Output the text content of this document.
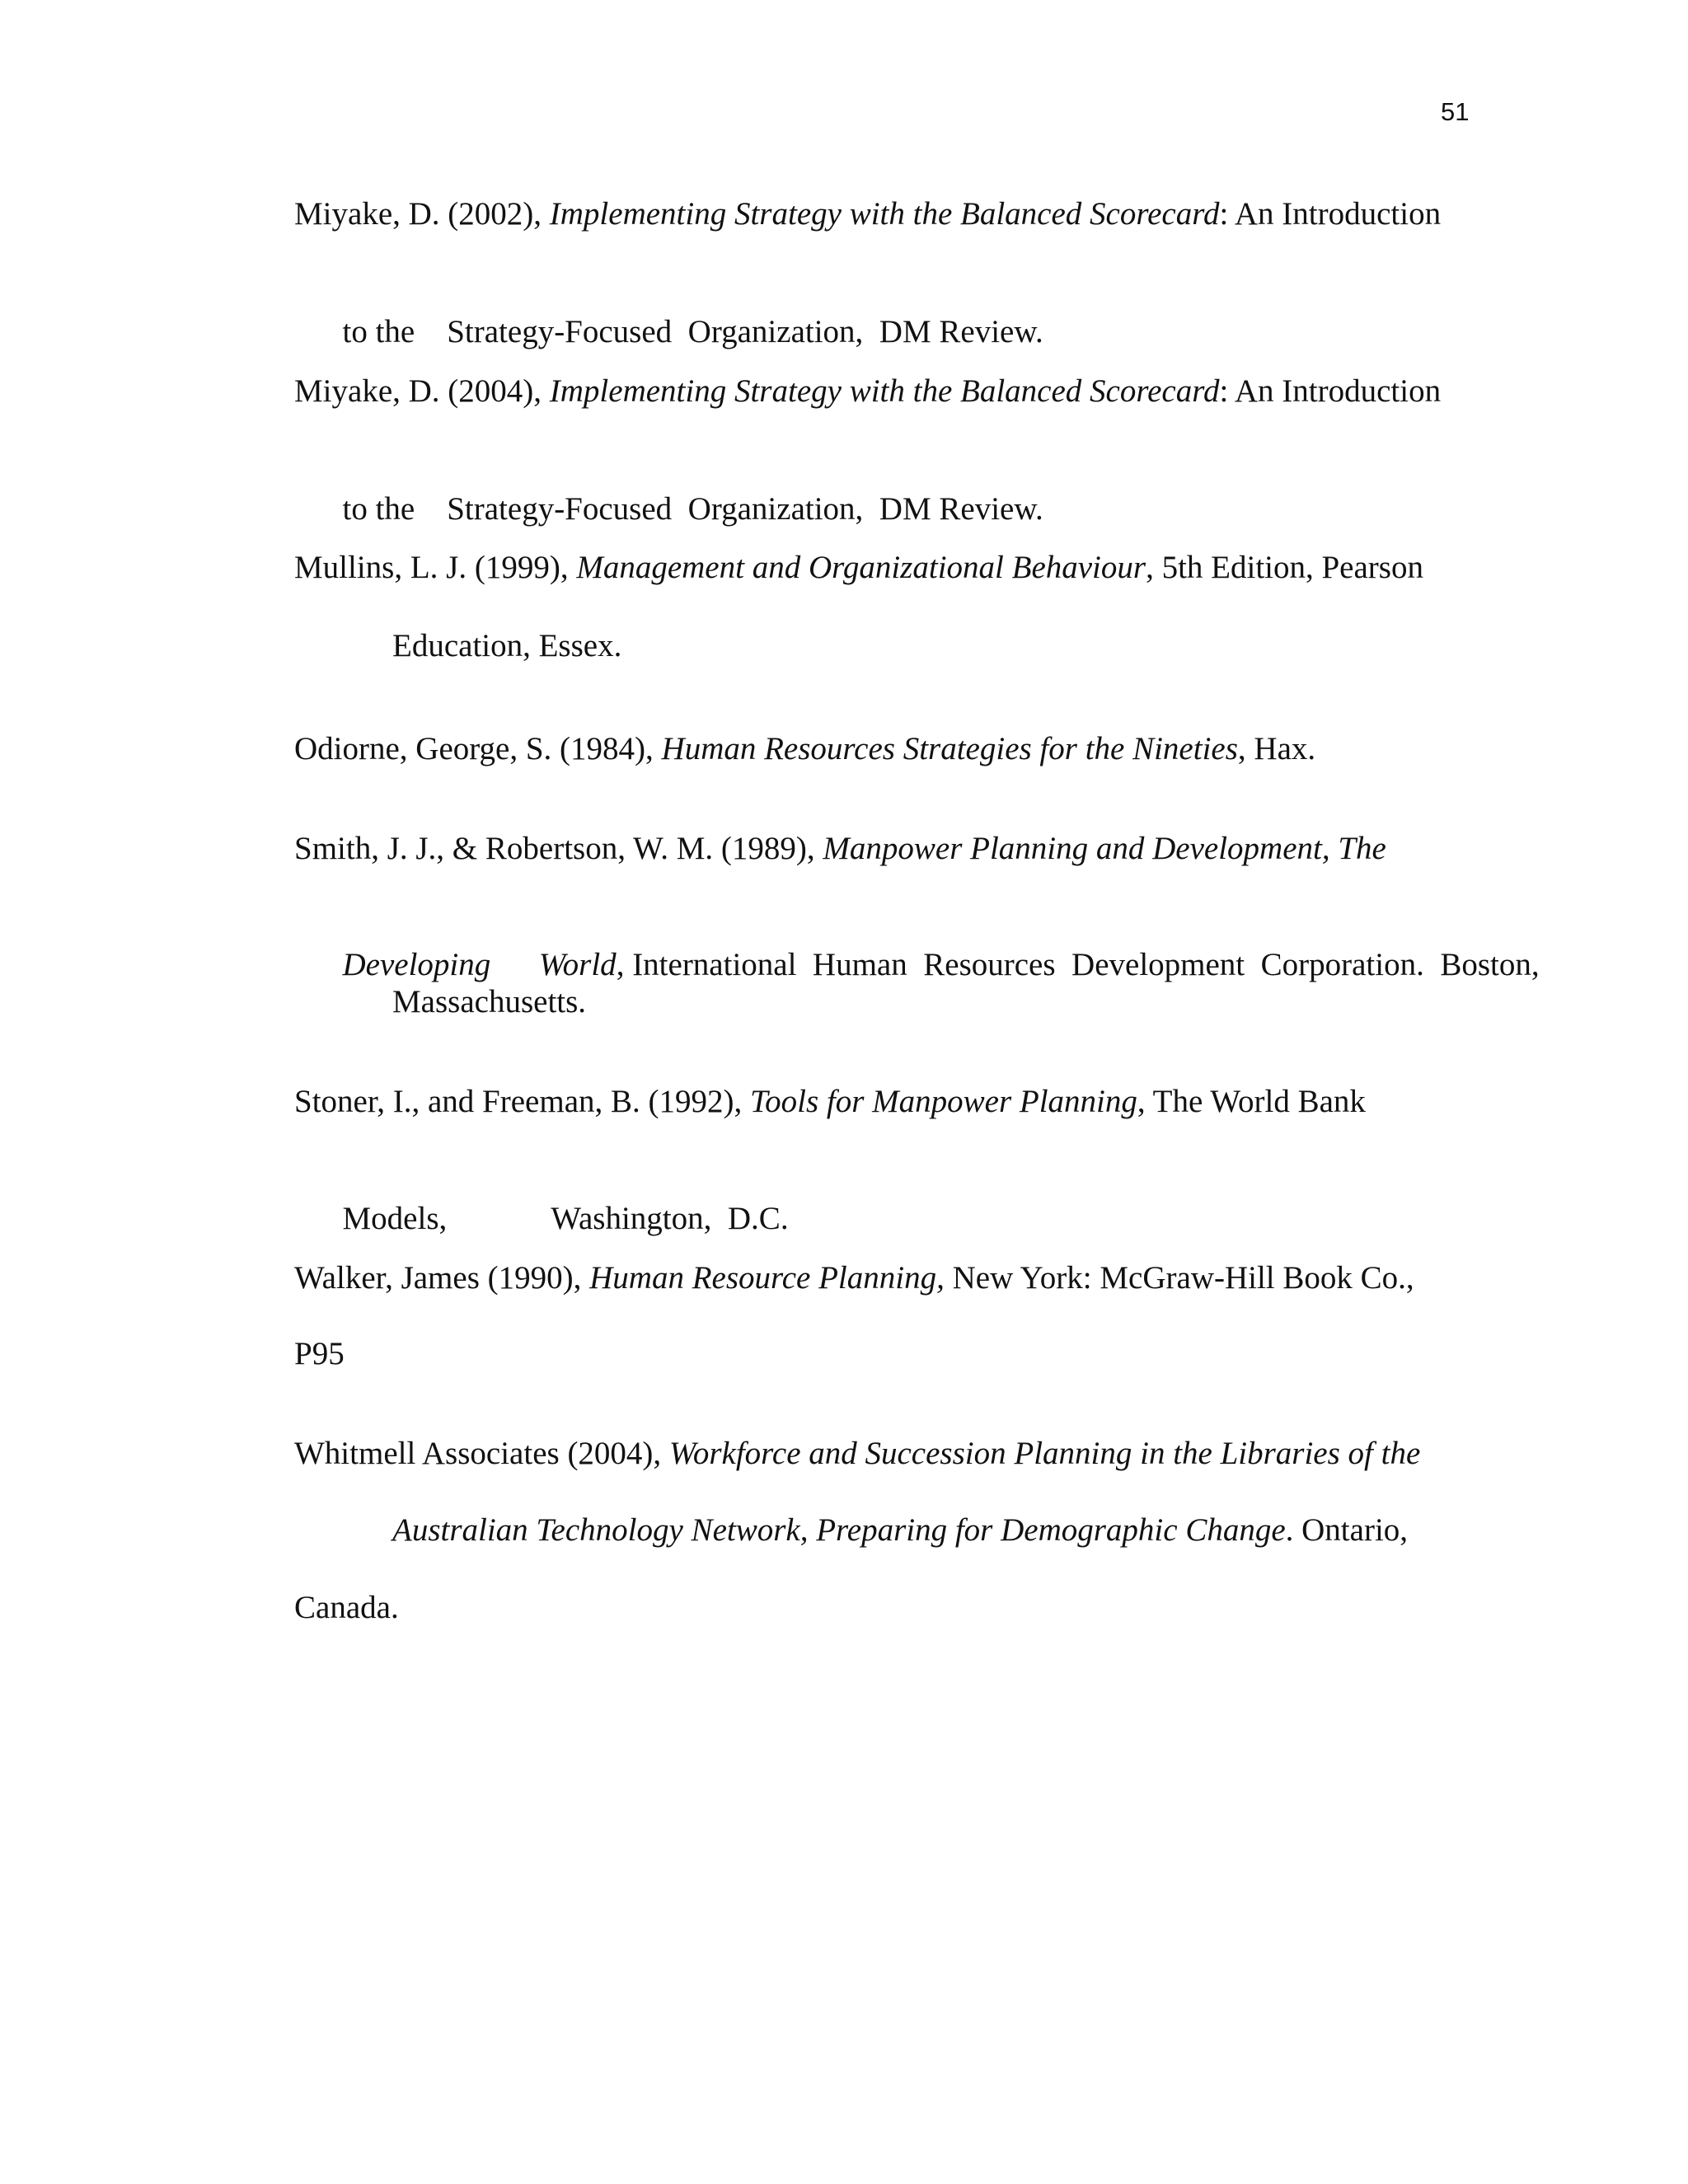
51
Miyake, D. (2002), Implementing Strategy with the Balanced Scorecard: An Introduction

to the    Strategy-Focused  Organization,  DM Review.

Miyake, D. (2004), Implementing Strategy with the Balanced Scorecard: An Introduction

to the    Strategy-Focused  Organization,  DM Review.

Mullins, L. J. (1999), Management and Organizational Behaviour, 5th Edition, Pearson
Education, Essex.
Odiorne, George, S. (1984), Human Resources Strategies for the Nineties, Hax.
Smith, J. J., & Robertson, W. M. (1989), Manpower Planning and Development, The

Developing      World, International  Human  Resources  Development  Corporation.  Boston,

Massachusetts.
Stoner, I., and Freeman, B. (1992), Tools for Manpower Planning, The World Bank

Models,             Washington,  D.C.

Walker, James (1990), Human Resource Planning, New York: McGraw-Hill Book Co.,
P95
Whitmell Associates (2004), Workforce and Succession Planning in the Libraries of the
Australian Technology Network, Preparing for Demographic Change. Ontario,
Canada.
